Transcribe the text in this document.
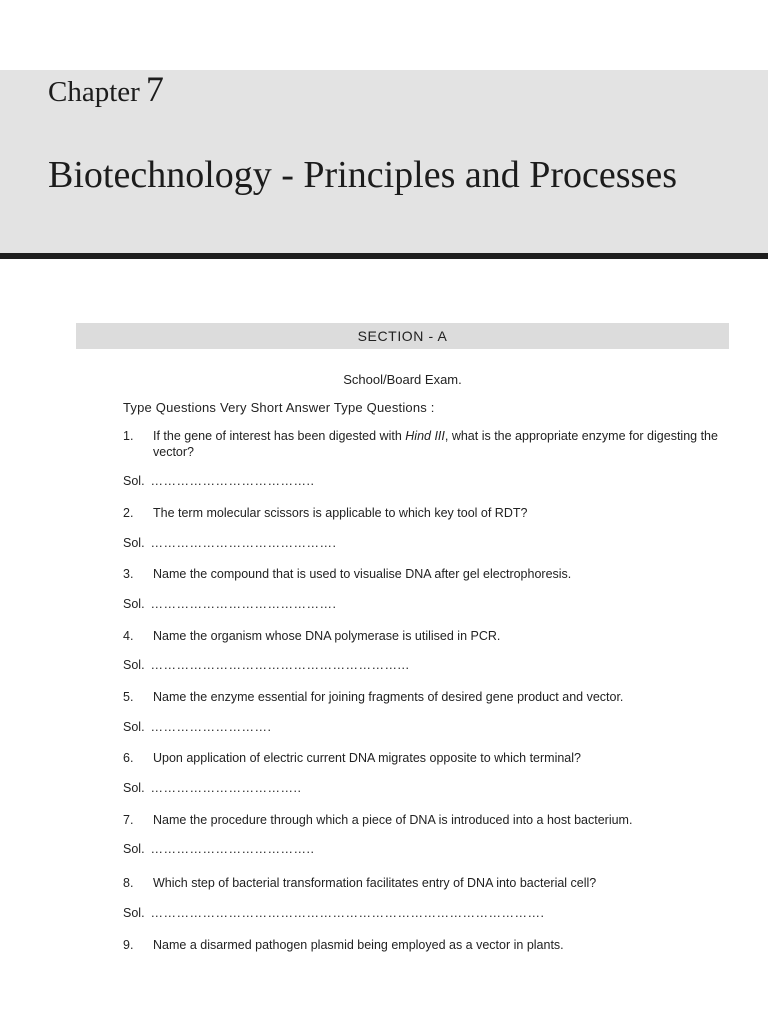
Chapter 7
Biotechnology - Principles and Processes
SECTION - A
School/Board Exam.
Type Questions Very Short Answer Type Questions :
1. If the gene of interest has been digested with Hind III, what is the appropriate enzyme for digesting the vector?
Sol. ………………………………..
2. The term molecular scissors is applicable to which key tool of RDT?
Sol. …………………………………….
3. Name the compound that is used to visualise DNA after gel electrophoresis.
Sol. …………………………………….
4. Name the organism whose DNA polymerase is utilised in PCR.
Sol. …………………………………………………...
5. Name the enzyme essential for joining fragments of desired gene product and vector.
Sol. ……………………….
6. Upon application of electric current DNA migrates opposite to which terminal?
Sol. ……………………………..
7. Name the procedure through which a piece of DNA is introduced into a host bacterium.
Sol. ………………………………..
8. Which step of bacterial transformation facilitates entry of DNA into bacterial cell?
Sol. ……………………………………………………………………………….
9. Name a disarmed pathogen plasmid being employed as a vector in plants.
